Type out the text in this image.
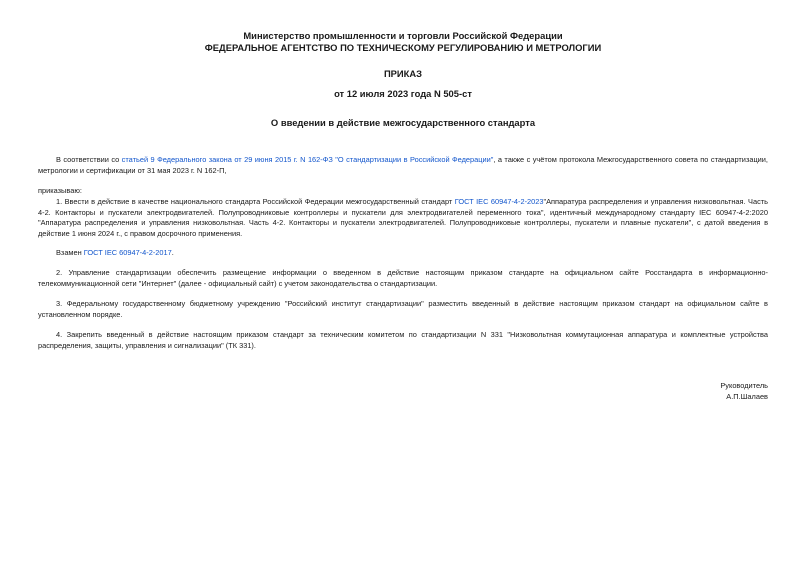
Министерство промышленности и торговли Российской Федерации
ФЕДЕРАЛЬНОЕ АГЕНТСТВО ПО ТЕХНИЧЕСКОМУ РЕГУЛИРОВАНИЮ И МЕТРОЛОГИИ
ПРИКАЗ
от 12 июля 2023 года N 505-ст
О введении в действие межгосударственного стандарта
В соответствии со статьей 9 Федерального закона от 29 июня 2015 г. N 162-ФЗ "О стандартизации в Российской Федерации", а также с учётом протокола Межгосударственного совета по стандартизации, метрологии и сертификации от 31 мая 2023 г. N 162-П,
приказываю:
1. Ввести в действие в качестве национального стандарта Российской Федерации межгосударственный стандарт ГОСТ IEC 60947-4-2-2023"Аппаратура распределения и управления низковольтная. Часть 4-2. Контакторы и пускатели электродвигателей. Полупроводниковые контроллеры и пускатели для электродвигателей переменного тока", идентичный международному стандарту IEC 60947-4-2:2020 "Аппаратура распределения и управления низковольтная. Часть 4-2. Контакторы и пускатели электродвигателей. Полупроводниковые контроллеры, пускатели и плавные пускатели", с датой введения в действие 1 июня 2024 г., с правом досрочного применения.
Взамен ГОСТ IEC 60947-4-2-2017.
2. Управление стандартизации обеспечить размещение информации о введенном в действие настоящим приказом стандарте на официальном сайте Росстандарта в информационно-телекоммуникационной сети "Интернет" (далее - официальный сайт) с учетом законодательства о стандартизации.
3. Федеральному государственному бюджетному учреждению "Российский институт стандартизации" разместить введенный в действие настоящим приказом стандарт на официальном сайте в установленном порядке.
4. Закрепить введенный в действие настоящим приказом стандарт за техническим комитетом по стандартизации N 331 "Низковольтная коммутационная аппаратура и комплектные устройства распределения, защиты, управления и сигнализации" (ТК 331).
Руководитель
А.П.Шалаев
